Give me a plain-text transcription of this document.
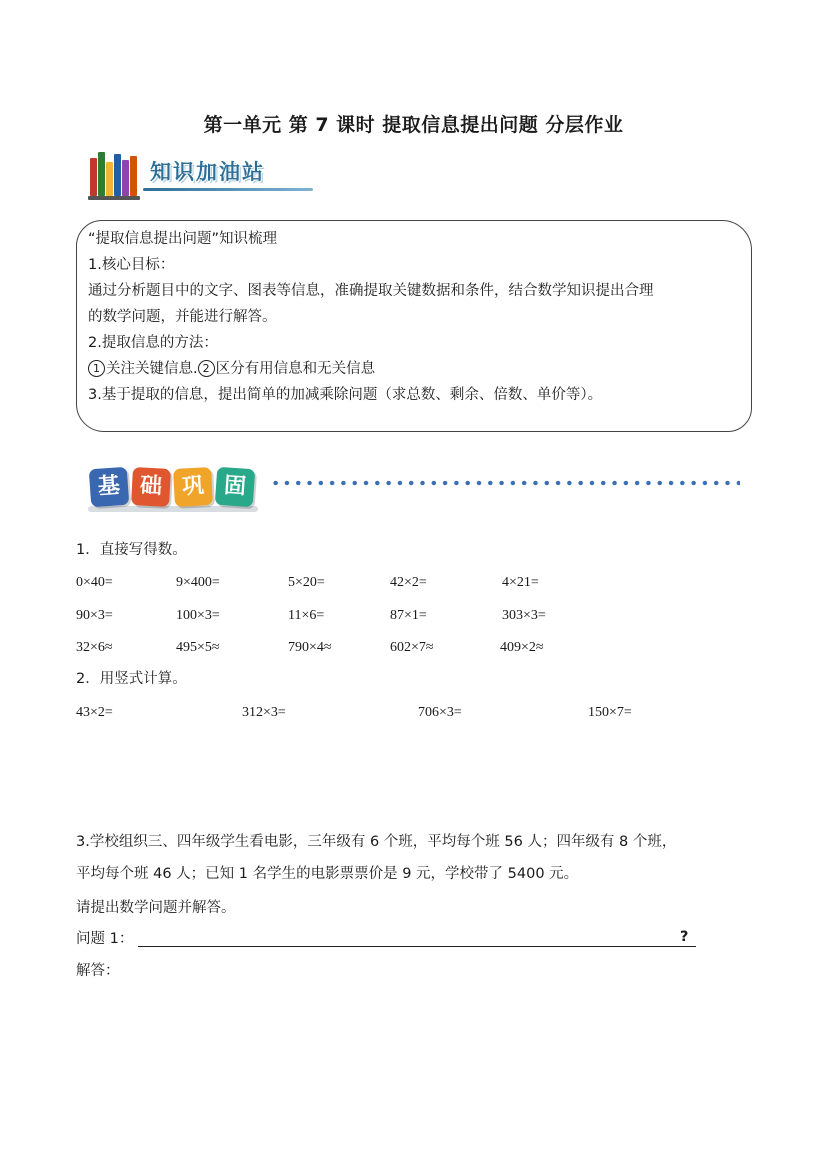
第一单元 第 7 课时 提取信息提出问题 分层作业
知识加油站
“提取信息提出问题”知识梳理
1.核心目标：
通过分析题目中的文字、图表等信息，准确提取关键数据和条件，结合数学知识提出合理
的数学问题，并能进行解答。
2.提取信息的方法：
1 关注关键信息. 2 区分有用信息和无关信息
3.基于提取的信息，提出简单的加减乘除问题（求总数、剩余、倍数、单价等）。
基 础 巩 固
1．直接写得数。
0×40=	9×400=	5×20=	42×2=	4×21=
90×3=	100×3=	11×6=	87×1=	303×3=
32×6≈	495×5≈	790×4≈	602×7≈	409×2≈
2．用竖式计算。
43×2=	312×3=	706×3=	150×7=
3.学校组织三、四年级学生看电影，三年级有 6 个班，平均每个班 56 人；四年级有 8 个班，
平均每个班 46 人；已知 1 名学生的电影票票价是 9 元，学校带了 5400 元。
请提出数学问题并解答。
问题 1：	?
解答：
